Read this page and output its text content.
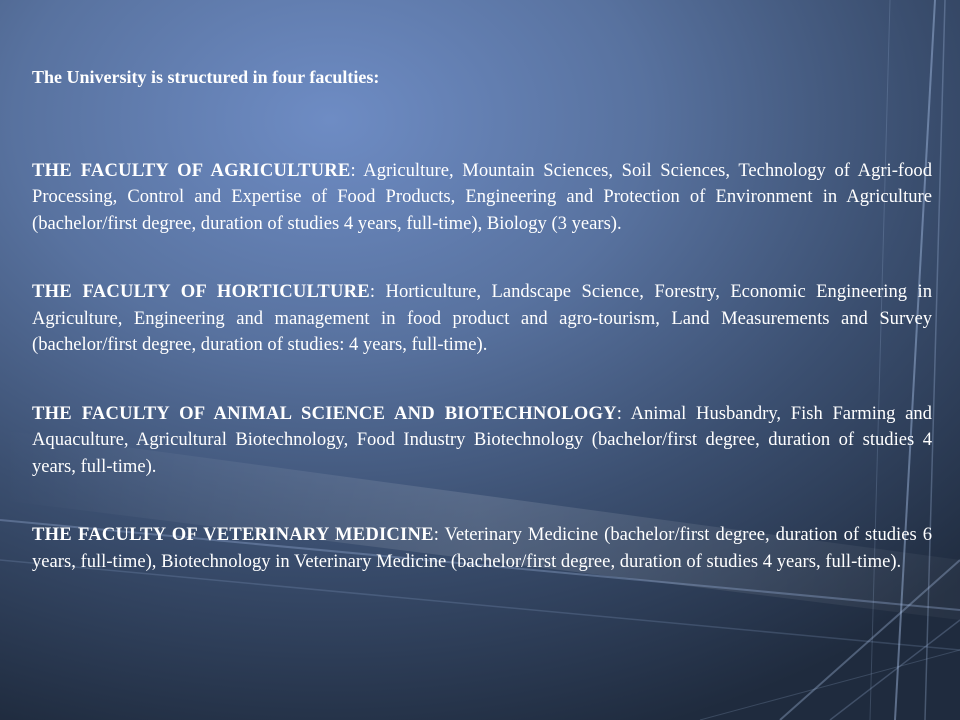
The University is structured in four faculties:

THE FACULTY OF AGRICULTURE: Agriculture, Mountain Sciences, Soil Sciences, Technology of Agri-food Processing, Control and Expertise of Food Products, Engineering and Protection of Environment in Agriculture (bachelor/first degree, duration of studies 4 years, full-time), Biology (3 years).

THE FACULTY OF HORTICULTURE: Horticulture, Landscape Science, Forestry, Economic Engineering in Agriculture, Engineering and management in food product and agro-tourism, Land Measurements and Survey (bachelor/first degree, duration of studies: 4 years, full-time).

THE FACULTY OF ANIMAL SCIENCE AND BIOTECHNOLOGY: Animal Husbandry, Fish Farming and Aquaculture, Agricultural Biotechnology, Food Industry Biotechnology (bachelor/first degree, duration of studies 4 years, full-time).

THE FACULTY OF VETERINARY MEDICINE: Veterinary Medicine (bachelor/first degree, duration of studies 6 years, full-time), Biotechnology in Veterinary Medicine (bachelor/first degree, duration of studies 4 years, full-time).
